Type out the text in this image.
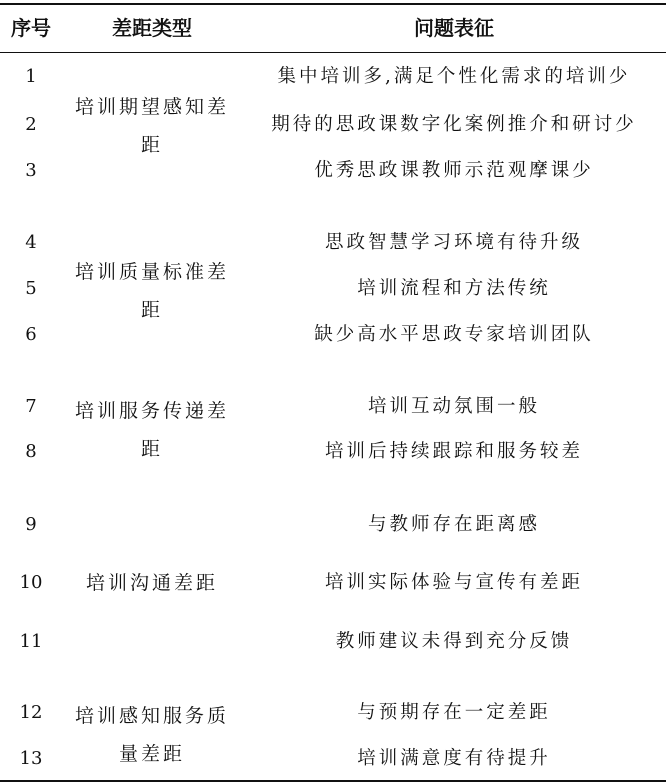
序号	差距类型	问题表征
1
2
3
4
5
6
7
8
9
10
11
12
13
培训期望感知差
距
培训质量标准差
距
培训服务传递差
距
培训沟通差距
培训感知服务质
量差距
集中培训多,满足个性化需求的培训少
期待的思政课数字化案例推介和研讨少
优秀思政课教师示范观摩课少
思政智慧学习环境有待升级
培训流程和方法传统
缺少高水平思政专家培训团队
培训互动氛围一般
培训后持续跟踪和服务较差
与教师存在距离感
培训实际体验与宣传有差距
教师建议未得到充分反馈
与预期存在一定差距
培训满意度有待提升
